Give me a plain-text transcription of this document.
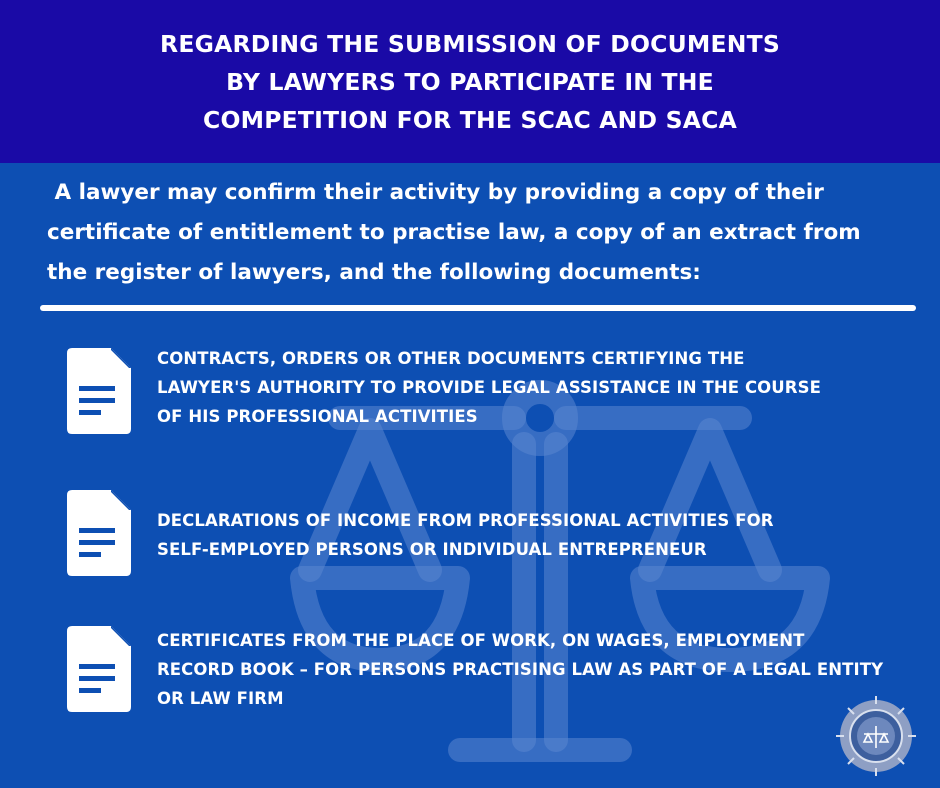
REGARDING THE SUBMISSION OF DOCUMENTS
BY LAWYERS TO PARTICIPATE IN THE
COMPETITION FOR THE SCAC AND SACA
A lawyer may confirm their activity by providing a copy of their
certificate of entitlement to practise law, a copy of an extract from
the register of lawyers, and the following documents:
CONTRACTS, ORDERS OR OTHER DOCUMENTS CERTIFYING THE
LAWYER'S AUTHORITY TO PROVIDE LEGAL ASSISTANCE IN THE COURSE
OF HIS PROFESSIONAL ACTIVITIES
DECLARATIONS OF INCOME FROM PROFESSIONAL ACTIVITIES FOR
SELF-EMPLOYED PERSONS OR INDIVIDUAL ENTREPRENEUR
CERTIFICATES FROM THE PLACE OF WORK, ON WAGES, EMPLOYMENT
RECORD BOOK – FOR PERSONS PRACTISING LAW AS PART OF A LEGAL ENTITY
OR LAW FIRM
